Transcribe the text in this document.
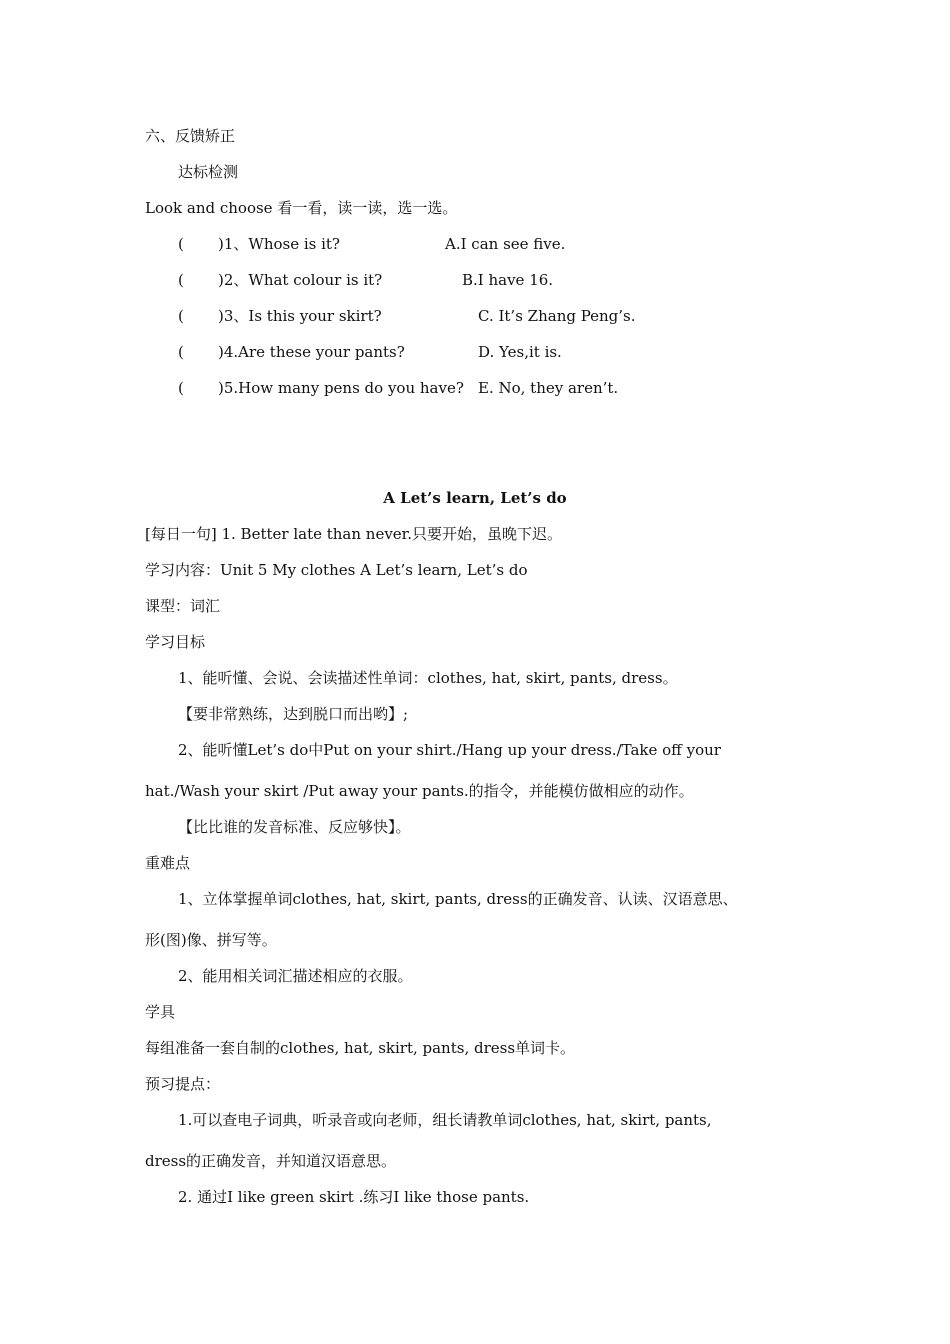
六、反馈矫正
达标检测
Look and choose 看一看，读一读，选一选。
( )1、Whose is it?	A.I can see five.
( )2、What colour is it?	B.I have 16.
( )3、Is this your skirt?	C. It’s Zhang Peng’s.
( )4.Are these your pants?	D. Yes,it is.
( )5.How many pens do you have? E. No, they aren’t.
A Let’s learn, Let’s do
[每日一句] 1. Better late than never.只要开始，虽晚下迟。
学习内容：Unit 5 My clothes A Let’s learn, Let’s do
课型：词汇
学习目标
1、能听懂、会说、会读描述性单词：clothes, hat, skirt, pants, dress。
【要非常熟练，达到脱口而出哟】;
2、能听懂Let’s do中Put on your shirt./Hang up your dress./Take off your
hat./Wash your skirt /Put away your pants.的指令，并能模仿做相应的动作。
【比比谁的发音标准、反应够快】。
重难点
1、立体掌握单词clothes, hat, skirt, pants, dress的正确发音、认读、汉语意思、
形(图)像、拼写等。
2、能用相关词汇描述相应的衣服。
学具
每组准备一套自制的clothes, hat, skirt, pants, dress单词卡。
预习提点：
1.可以查电子词典，听录音或向老师，组长请教单词clothes, hat, skirt, pants,
dress的正确发音，并知道汉语意思。
2. 通过I like green skirt .练习I like those pants.
